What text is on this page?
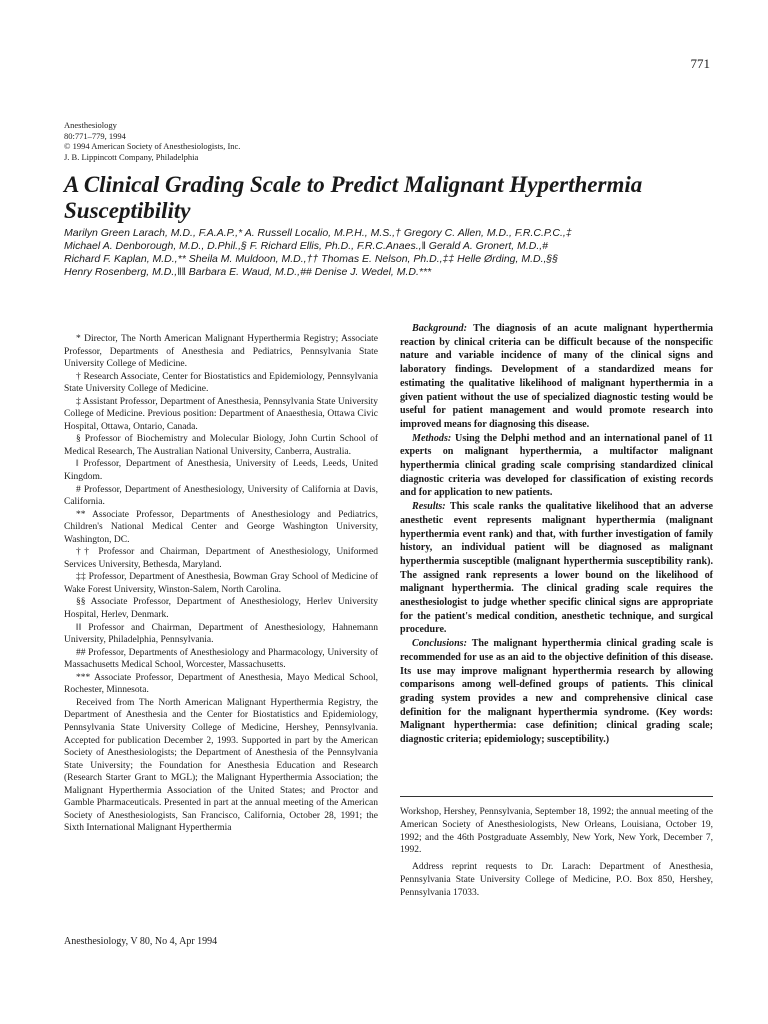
771
Anesthesiology
80:771–779, 1994
© 1994 American Society of Anesthesiologists, Inc.
J. B. Lippincott Company, Philadelphia
A Clinical Grading Scale to Predict Malignant Hyperthermia Susceptibility
Marilyn Green Larach, M.D., F.A.A.P.,* A. Russell Localio, M.P.H., M.S.,† Gregory C. Allen, M.D., F.R.C.P.C.,‡
Michael A. Denborough, M.D., D.Phil.,§ F. Richard Ellis, Ph.D., F.R.C.Anaes.,‖ Gerald A. Gronert, M.D.,#
Richard F. Kaplan, M.D.,** Sheila M. Muldoon, M.D.,†† Thomas E. Nelson, Ph.D.,‡‡ Helle Ørding, M.D.,§§
Henry Rosenberg, M.D.,‖‖ Barbara E. Waud, M.D.,## Denise J. Wedel, M.D.***

* Director, The North American Malignant Hyperthermia Registry; Associate Professor, Departments of Anesthesia and Pediatrics, Pennsylvania State University College of Medicine.

† Research Associate, Center for Biostatistics and Epidemiology, Pennsylvania State University College of Medicine.

‡ Assistant Professor, Department of Anesthesia, Pennsylvania State University College of Medicine. Previous position: Department of Anaesthesia, Ottawa Civic Hospital, Ottawa, Ontario, Canada.

§ Professor of Biochemistry and Molecular Biology, John Curtin School of Medical Research, The Australian National University, Canberra, Australia.

‖ Professor, Department of Anesthesia, University of Leeds, Leeds, United Kingdom.

# Professor, Department of Anesthesiology, University of California at Davis, California.

** Associate Professor, Departments of Anesthesiology and Pediatrics, Children's National Medical Center and George Washington University, Washington, DC.

†† Professor and Chairman, Department of Anesthesiology, Uniformed Services University, Bethesda, Maryland.

‡‡ Professor, Department of Anesthesia, Bowman Gray School of Medicine of Wake Forest University, Winston-Salem, North Carolina.

§§ Associate Professor, Department of Anesthesiology, Herlev University Hospital, Herlev, Denmark.

‖‖ Professor and Chairman, Department of Anesthesiology, Hahnemann University, Philadelphia, Pennsylvania.

## Professor, Departments of Anesthesiology and Pharmacology, University of Massachusetts Medical School, Worcester, Massachusetts.

*** Associate Professor, Department of Anesthesia, Mayo Medical School, Rochester, Minnesota.

Received from The North American Malignant Hyperthermia Registry, the Department of Anesthesia and the Center for Biostatistics and Epidemiology, Pennsylvania State University College of Medicine, Hershey, Pennsylvania. Accepted for publication December 2, 1993. Supported in part by the American Society of Anesthesiologists; the Department of Anesthesia of the Pennsylvania State University; the Foundation for Anesthesia Education and Research (Research Starter Grant to MGL); the Malignant Hyperthermia Association; the Malignant Hyperthermia Association of the United States; and Proctor and Gamble Pharmaceuticals. Presented in part at the annual meeting of the American Society of Anesthesiologists, San Francisco, California, October 28, 1991; the Sixth International Malignant Hyperthermia

Background: The diagnosis of an acute malignant hyperthermia reaction by clinical criteria can be difficult because of the nonspecific nature and variable incidence of many of the clinical signs and laboratory findings. Development of a standardized means for estimating the qualitative likelihood of malignant hyperthermia in a given patient without the use of specialized diagnostic testing would be useful for patient management and would promote research into improved means for diagnosing this disease.

Methods: Using the Delphi method and an international panel of 11 experts on malignant hyperthermia, a multifactor malignant hyperthermia clinical grading scale comprising standardized clinical diagnostic criteria was developed for classification of existing records and for application to new patients.

Results: This scale ranks the qualitative likelihood that an adverse anesthetic event represents malignant hyperthermia (malignant hyperthermia event rank) and that, with further investigation of family history, an individual patient will be diagnosed as malignant hyperthermia susceptible (malignant hyperthermia susceptibility rank). The assigned rank represents a lower bound on the likelihood of malignant hyperthermia. The clinical grading scale requires the anesthesiologist to judge whether specific clinical signs are appropriate for the patient's medical condition, anesthetic technique, and surgical procedure.

Conclusions: The malignant hyperthermia clinical grading scale is recommended for use as an aid to the objective definition of this disease. Its use may improve malignant hyperthermia research by allowing comparisons among well-defined groups of patients. This clinical grading system provides a new and comprehensive clinical case definition for the malignant hyperthermia syndrome. (Key words: Malignant hyperthermia: case definition; clinical grading scale; diagnostic criteria; epidemiology; susceptibility.)

Workshop, Hershey, Pennsylvania, September 18, 1992; the annual meeting of the American Society of Anesthesiologists, New Orleans, Louisiana, October 19, 1992; and the 46th Postgraduate Assembly, New York, New York, December 7, 1992.

Address reprint requests to Dr. Larach: Department of Anesthesia, Pennsylvania State University College of Medicine, P.O. Box 850, Hershey, Pennsylvania 17033.

Anesthesiology, V 80, No 4, Apr 1994
